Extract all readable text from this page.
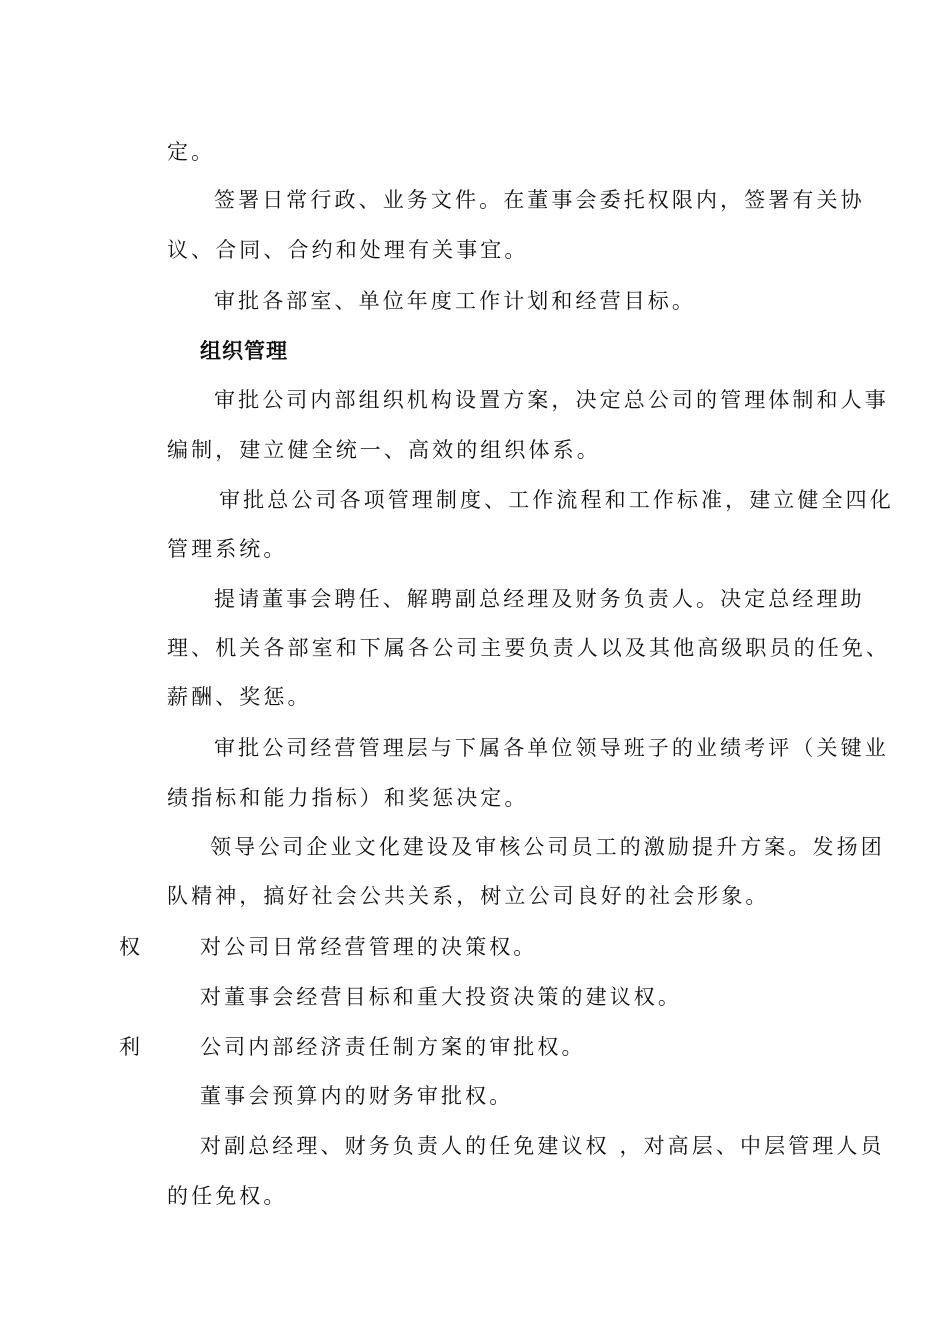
定。
签署日常行政、业务文件。在董事会委托权限内，签署有关协
议、合同、合约和处理有关事宜。
审批各部室、单位年度工作计划和经营目标。
组织管理
审批公司内部组织机构设置方案，决定总公司的管理体制和人事
编制，建立健全统一、高效的组织体系。
审批总公司各项管理制度、工作流程和工作标准，建立健全四化
管理系统。
提请董事会聘任、解聘副总经理及财务负责人。决定总经理助
理、机关各部室和下属各公司主要负责人以及其他高级职员的任免、
薪酬、奖惩。
审批公司经营管理层与下属各单位领导班子的业绩考评（关键业
绩指标和能力指标）和奖惩决定。
领导公司企业文化建设及审核公司员工的激励提升方案。发扬团
队精神，搞好社会公共关系，树立公司良好的社会形象。
权	对公司日常经营管理的决策权。
对董事会经营目标和重大投资决策的建议权。
利	公司内部经济责任制方案的审批权。
董事会预算内的财务审批权。
对副总经理、财务负责人的任免建议权 ，对高层、中层管理人员
的任免权。
